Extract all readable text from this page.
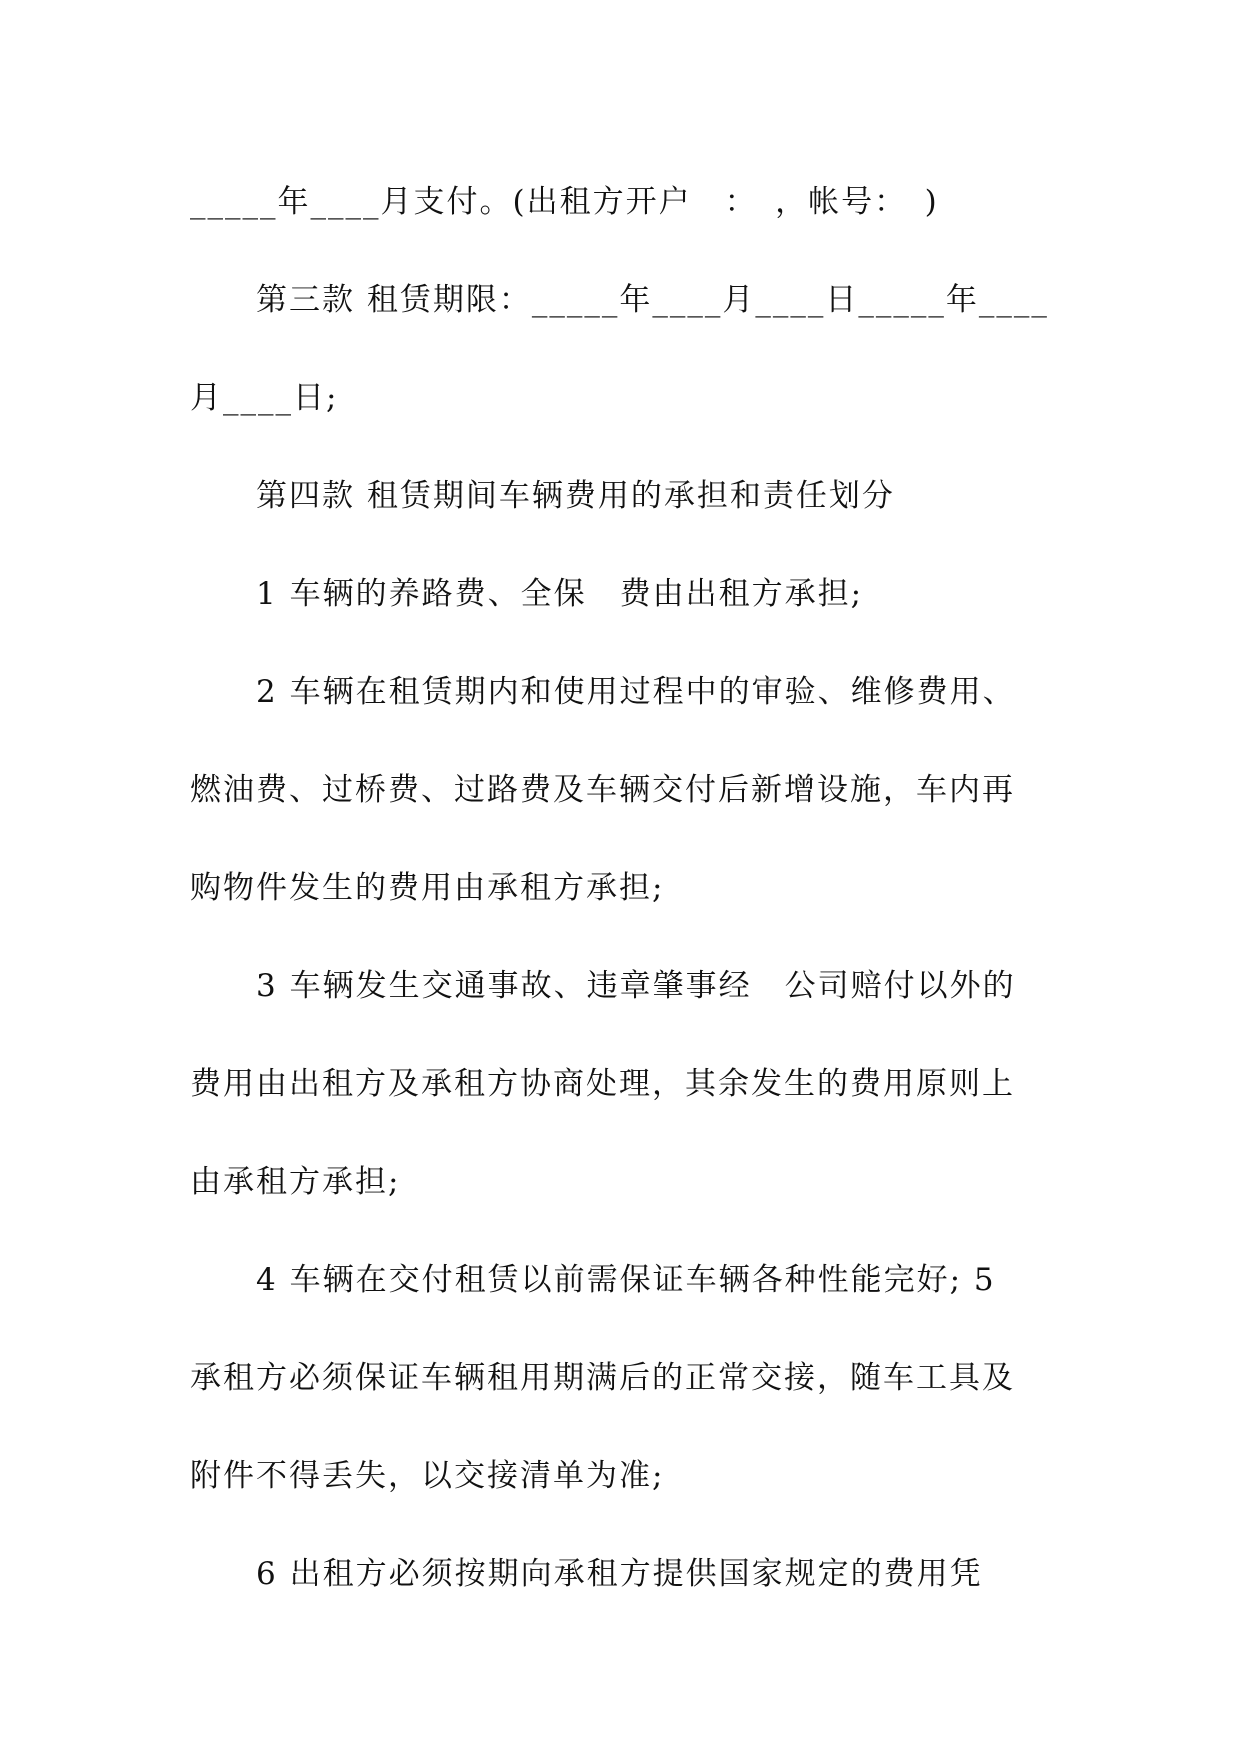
_____年____月支付。(出租方开户　：　，帐号：　)
第三款 租赁期限：_____年____月____日_____年____
月____日;
第四款 租赁期间车辆费用的承担和责任划分
1 车辆的养路费、全保　费由出租方承担;
2 车辆在租赁期内和使用过程中的审验、维修费用、
燃油费、过桥费、过路费及车辆交付后新增设施，车内再
购物件发生的费用由承租方承担;
3 车辆发生交通事故、违章肇事经　公司赔付以外的
费用由出租方及承租方协商处理，其余发生的费用原则上
由承租方承担;
4 车辆在交付租赁以前需保证车辆各种性能完好; 5
承租方必须保证车辆租用期满后的正常交接，随车工具及
附件不得丢失，以交接清单为准;
6 出租方必须按期向承租方提供国家规定的费用凭
